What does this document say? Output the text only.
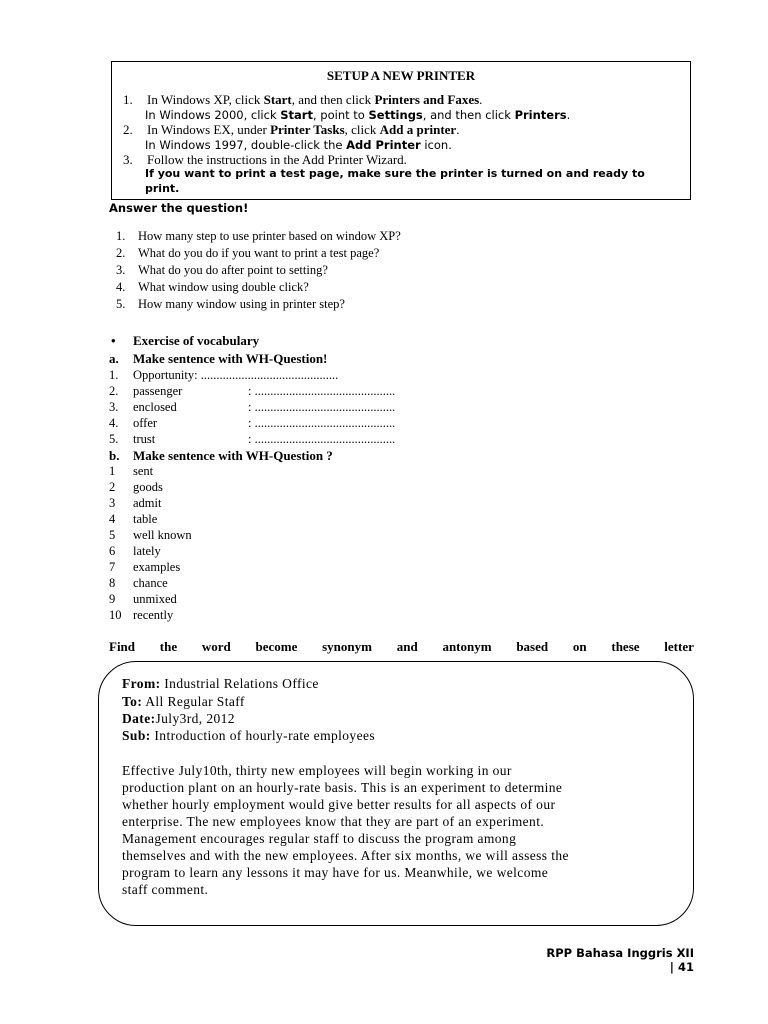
SETUP A NEW PRINTER
1. In Windows XP, click Start, and then click Printers and Faxes.
In Windows 2000, click Start, point to Settings, and then click Printers.
2. In Windows EX, under Printer Tasks, click Add a printer.
In Windows 1997, double-click the Add Printer icon.
3. Follow the instructions in the Add Printer Wizard.
If you want to print a test page, make sure the printer is turned on and ready to
print.
Answer the question!
1. How many step to use printer based on window XP?
2. What do you do if you want to print a test page?
3. What do you do after point to setting?
4. What window using double click?
5. How many window using in printer step?
• Exercise of vocabulary
a. Make sentence with WH-Question!
1. Opportunity: ............................................
2. passenger	: .............................................
3. enclosed	: .............................................
4. offer	: .............................................
5. trust	: .............................................
b. Make sentence with WH-Question ?
1 sent
2 goods
3 admit
4 table
5 well known
6 lately
7 examples
8 chance
9 unmixed
10 recently
Find the word become synonym and antonym based on these letter
From: Industrial Relations Office
To: All Regular Staff
Date:July3rd, 2012
Sub: Introduction of hourly-rate employees
Effective July10th, thirty new employees will begin working in our
production plant on an hourly-rate basis. This is an experiment to determine
whether hourly employment would give better results for all aspects of our
enterprise. The new employees know that they are part of an experiment.
Management encourages regular staff to discuss the program among
themselves and with the new employees. After six months, we will assess the
program to learn any lessons it may have for us. Meanwhile, we welcome
staff comment.
RPP Bahasa Inggris XII
| 41
